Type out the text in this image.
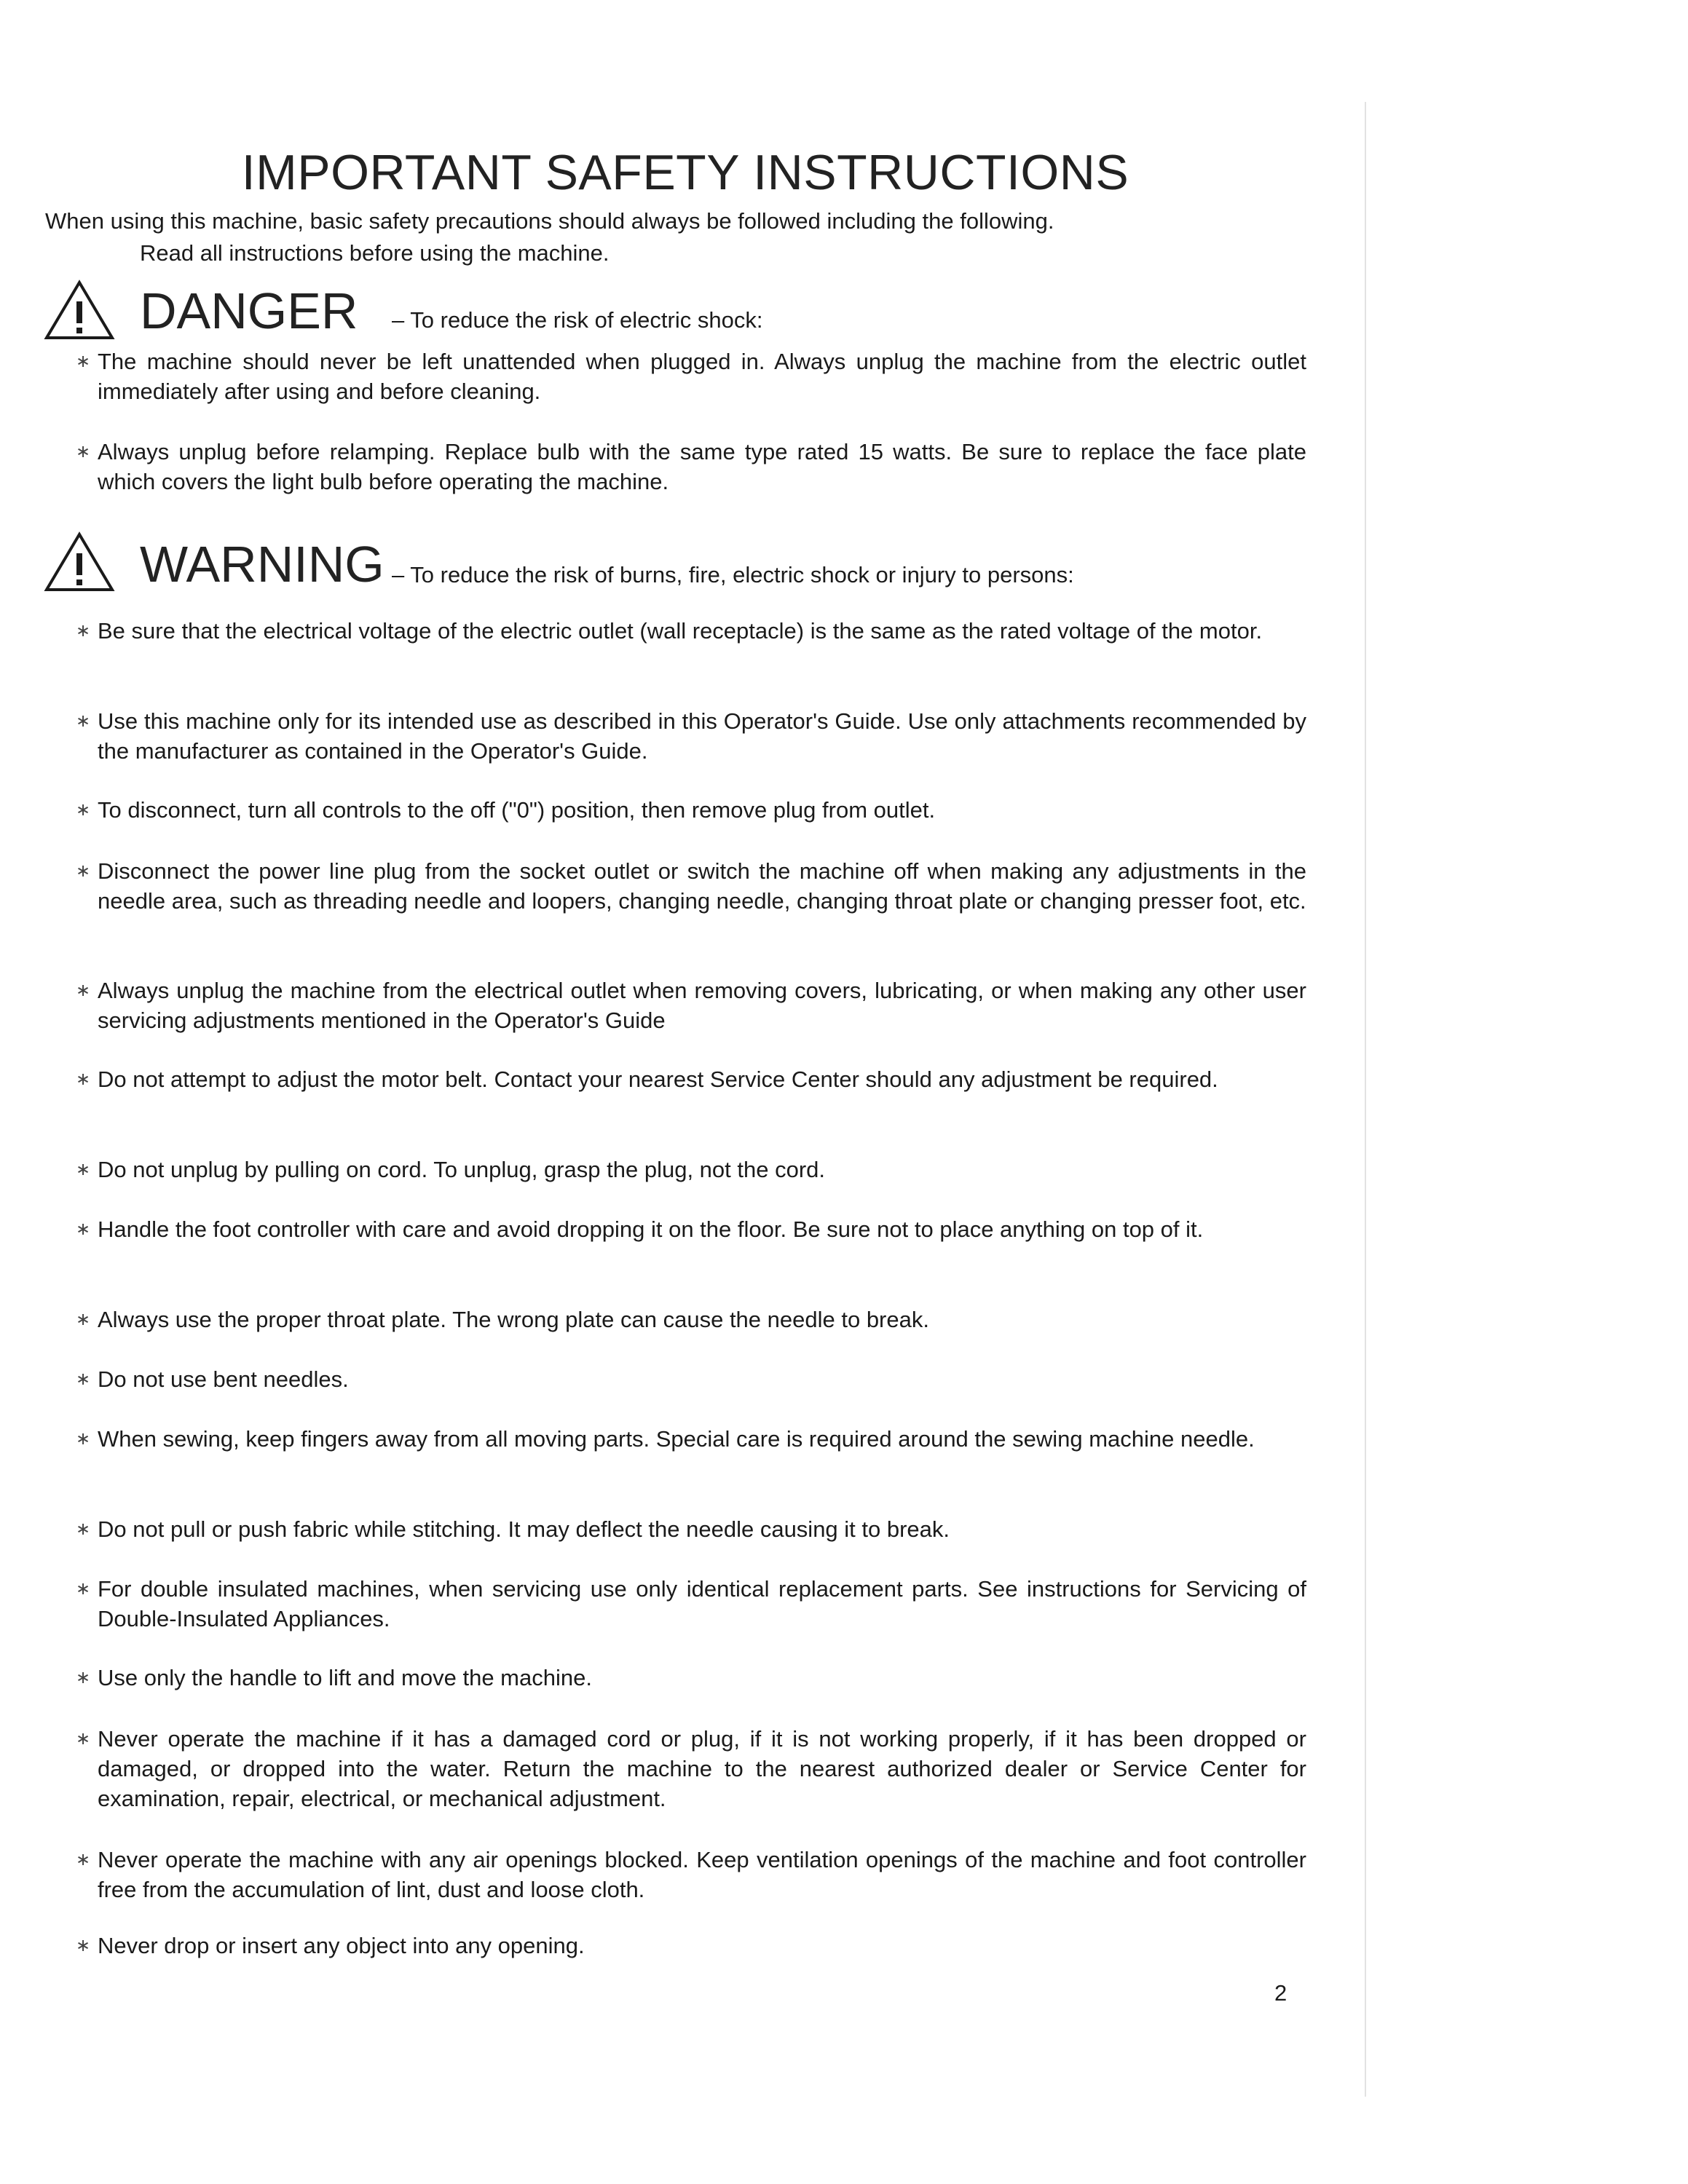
IMPORTANT SAFETY INSTRUCTIONS
When using this machine, basic safety precautions should always be followed including the following.
Read all instructions before using the machine.
DANGER – To reduce the risk of electric shock:
∗ The machine should never be left unattended when plugged in. Always unplug the machine from the electric outlet immediately after using and before cleaning.
∗ Always unplug before relamping. Replace bulb with the same type rated 15 watts. Be sure to replace the face plate which covers the light bulb before operating the machine.
WARNING – To reduce the risk of burns, fire, electric shock or injury to persons:
∗ Be sure that the electrical voltage of the electric outlet (wall receptacle) is the same as the rated voltage of the motor.
∗ Use this machine only for its intended use as described in this Operator's Guide. Use only attachments recommended by the manufacturer as contained in the Operator's Guide.
∗ To disconnect, turn all controls to the off ("0") position, then remove plug from outlet.
∗ Disconnect the power line plug from the socket outlet or switch the machine off when making any adjustments in the needle area, such as threading needle and loopers, changing needle, changing throat plate or changing presser foot, etc.
∗ Always unplug the machine from the electrical outlet when removing covers, lubricating, or when making any other user servicing adjustments mentioned in the Operator's Guide
∗ Do not attempt to adjust the motor belt. Contact your nearest Service Center should any adjustment be required.
∗ Do not unplug by pulling on cord. To unplug, grasp the plug, not the cord.
∗ Handle the foot controller with care and avoid dropping it on the floor. Be sure not to place anything on top of it.
∗ Always use the proper throat plate. The wrong plate can cause the needle to break.
∗ Do not use bent needles.
∗ When sewing, keep fingers away from all moving parts. Special care is required around the sewing machine needle.
∗ Do not pull or push fabric while stitching. It may deflect the needle causing it to break.
∗ For double insulated machines, when servicing use only identical replacement parts. See instructions for Servicing of Double-Insulated Appliances.
∗ Use only the handle to lift and move the machine.
∗ Never operate the machine if it has a damaged cord or plug, if it is not working properly, if it has been dropped or damaged, or dropped into the water. Return the machine to the nearest authorized dealer or Service Center for examination, repair, electrical, or mechanical adjustment.
∗ Never operate the machine with any air openings blocked. Keep ventilation openings of the machine and foot controller free from the accumulation of lint, dust and loose cloth.
∗ Never drop or insert any object into any opening.
2
